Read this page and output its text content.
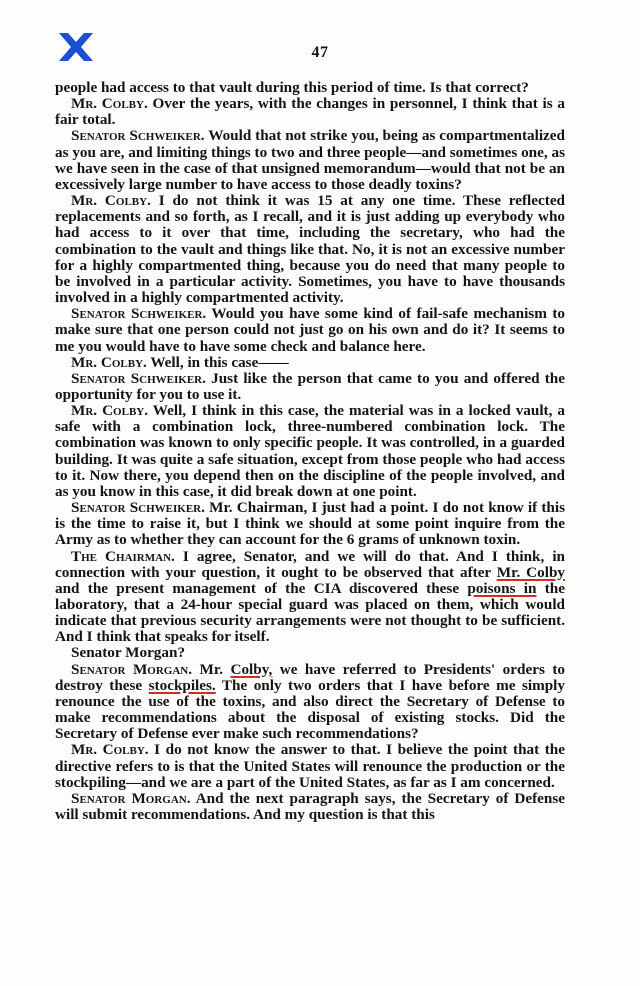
47

people had access to that vault during this period of time. Is that correct?

Mr. Colby. Over the years, with the changes in personnel, I think that is a fair total.

Senator Schweiker. Would that not strike you, being as compartmentalized as you are, and limiting things to two and three people—and sometimes one, as we have seen in the case of that unsigned memorandum—would that not be an excessively large number to have access to those deadly toxins?

Mr. Colby. I do not think it was 15 at any one time. These reflected replacements and so forth, as I recall, and it is just adding up everybody who had access to it over that time, including the secretary, who had the combination to the vault and things like that. No, it is not an excessive number for a highly compartmented thing, because you do need that many people to be involved in a particular activity. Sometimes, you have to have thousands involved in a highly compartmented activity.

Senator Schweiker. Would you have some kind of fail-safe mechanism to make sure that one person could not just go on his own and do it? It seems to me you would have to have some check and balance here.

Mr. Colby. Well, in this case——

Senator Schweiker. Just like the person that came to you and offered the opportunity for you to use it.

Mr. Colby. Well, I think in this case, the material was in a locked vault, a safe with a combination lock, three-numbered combination lock. The combination was known to only specific people. It was controlled, in a guarded building. It was quite a safe situation, except from those people who had access to it. Now there, you depend then on the discipline of the people involved, and as you know in this case, it did break down at one point.

Senator Schweiker. Mr. Chairman, I just had a point. I do not know if this is the time to raise it, but I think we should at some point inquire from the Army as to whether they can account for the 6 grams of unknown toxin.

The Chairman. I agree, Senator, and we will do that. And I think, in connection with your question, it ought to be observed that after Mr. Colby and the present management of the CIA discovered these poisons in the laboratory, that a 24-hour special guard was placed on them, which would indicate that previous security arrangements were not thought to be sufficient. And I think that speaks for itself.

Senator Morgan?

Senator Morgan. Mr. Colby, we have referred to Presidents' orders to destroy these stockpiles. The only two orders that I have before me simply renounce the use of the toxins, and also direct the Secretary of Defense to make recommendations about the disposal of existing stocks. Did the Secretary of Defense ever make such recommendations?

Mr. Colby. I do not know the answer to that. I believe the point that the directive refers to is that the United States will renounce the production or the stockpiling—and we are a part of the United States, as far as I am concerned.

Senator Morgan. And the next paragraph says, the Secretary of Defense will submit recommendations. And my question is that this
